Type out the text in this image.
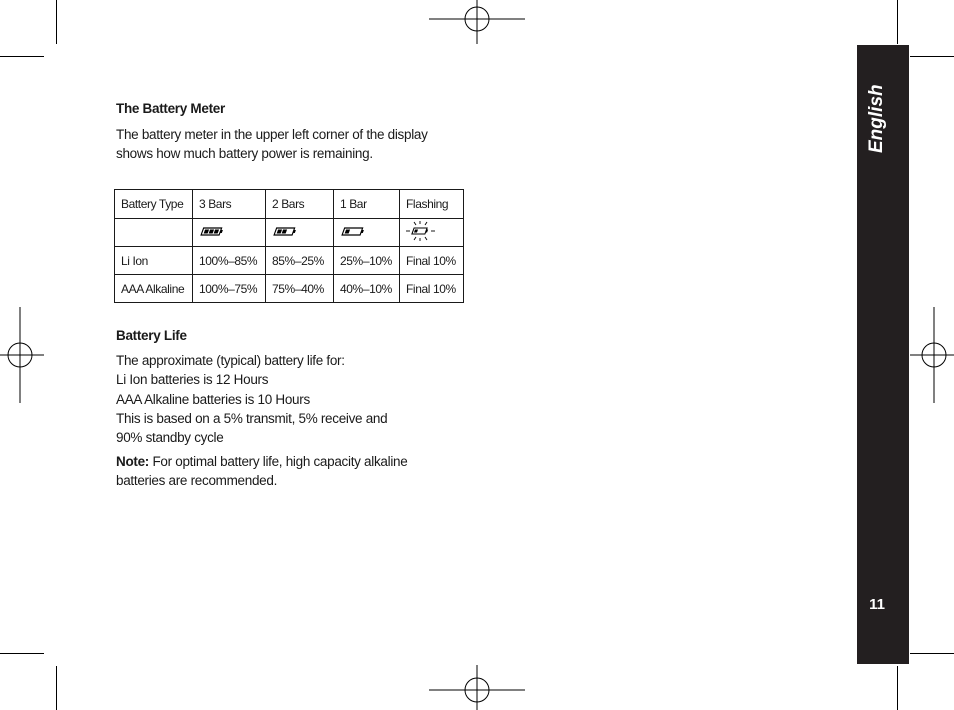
English
11
The Battery Meter
The battery meter in the upper left corner of the display
shows how much battery power is remaining.
Battery Type	3 Bars	2 Bars	1 Bar	Flashing

Li Ion	100%–85%	85%–25%	25%–10%	Final 10%
AAA Alkaline	100%–75%	75%–40%	40%–10%	Final 10%
Battery Life
The approximate (typical) battery life for:
Li Ion batteries is 12 Hours
AAA Alkaline batteries is 10 Hours
This is based on a 5% transmit, 5% receive and
90% standby cycle
Note: For optimal battery life, high capacity alkaline
batteries are recommended.
